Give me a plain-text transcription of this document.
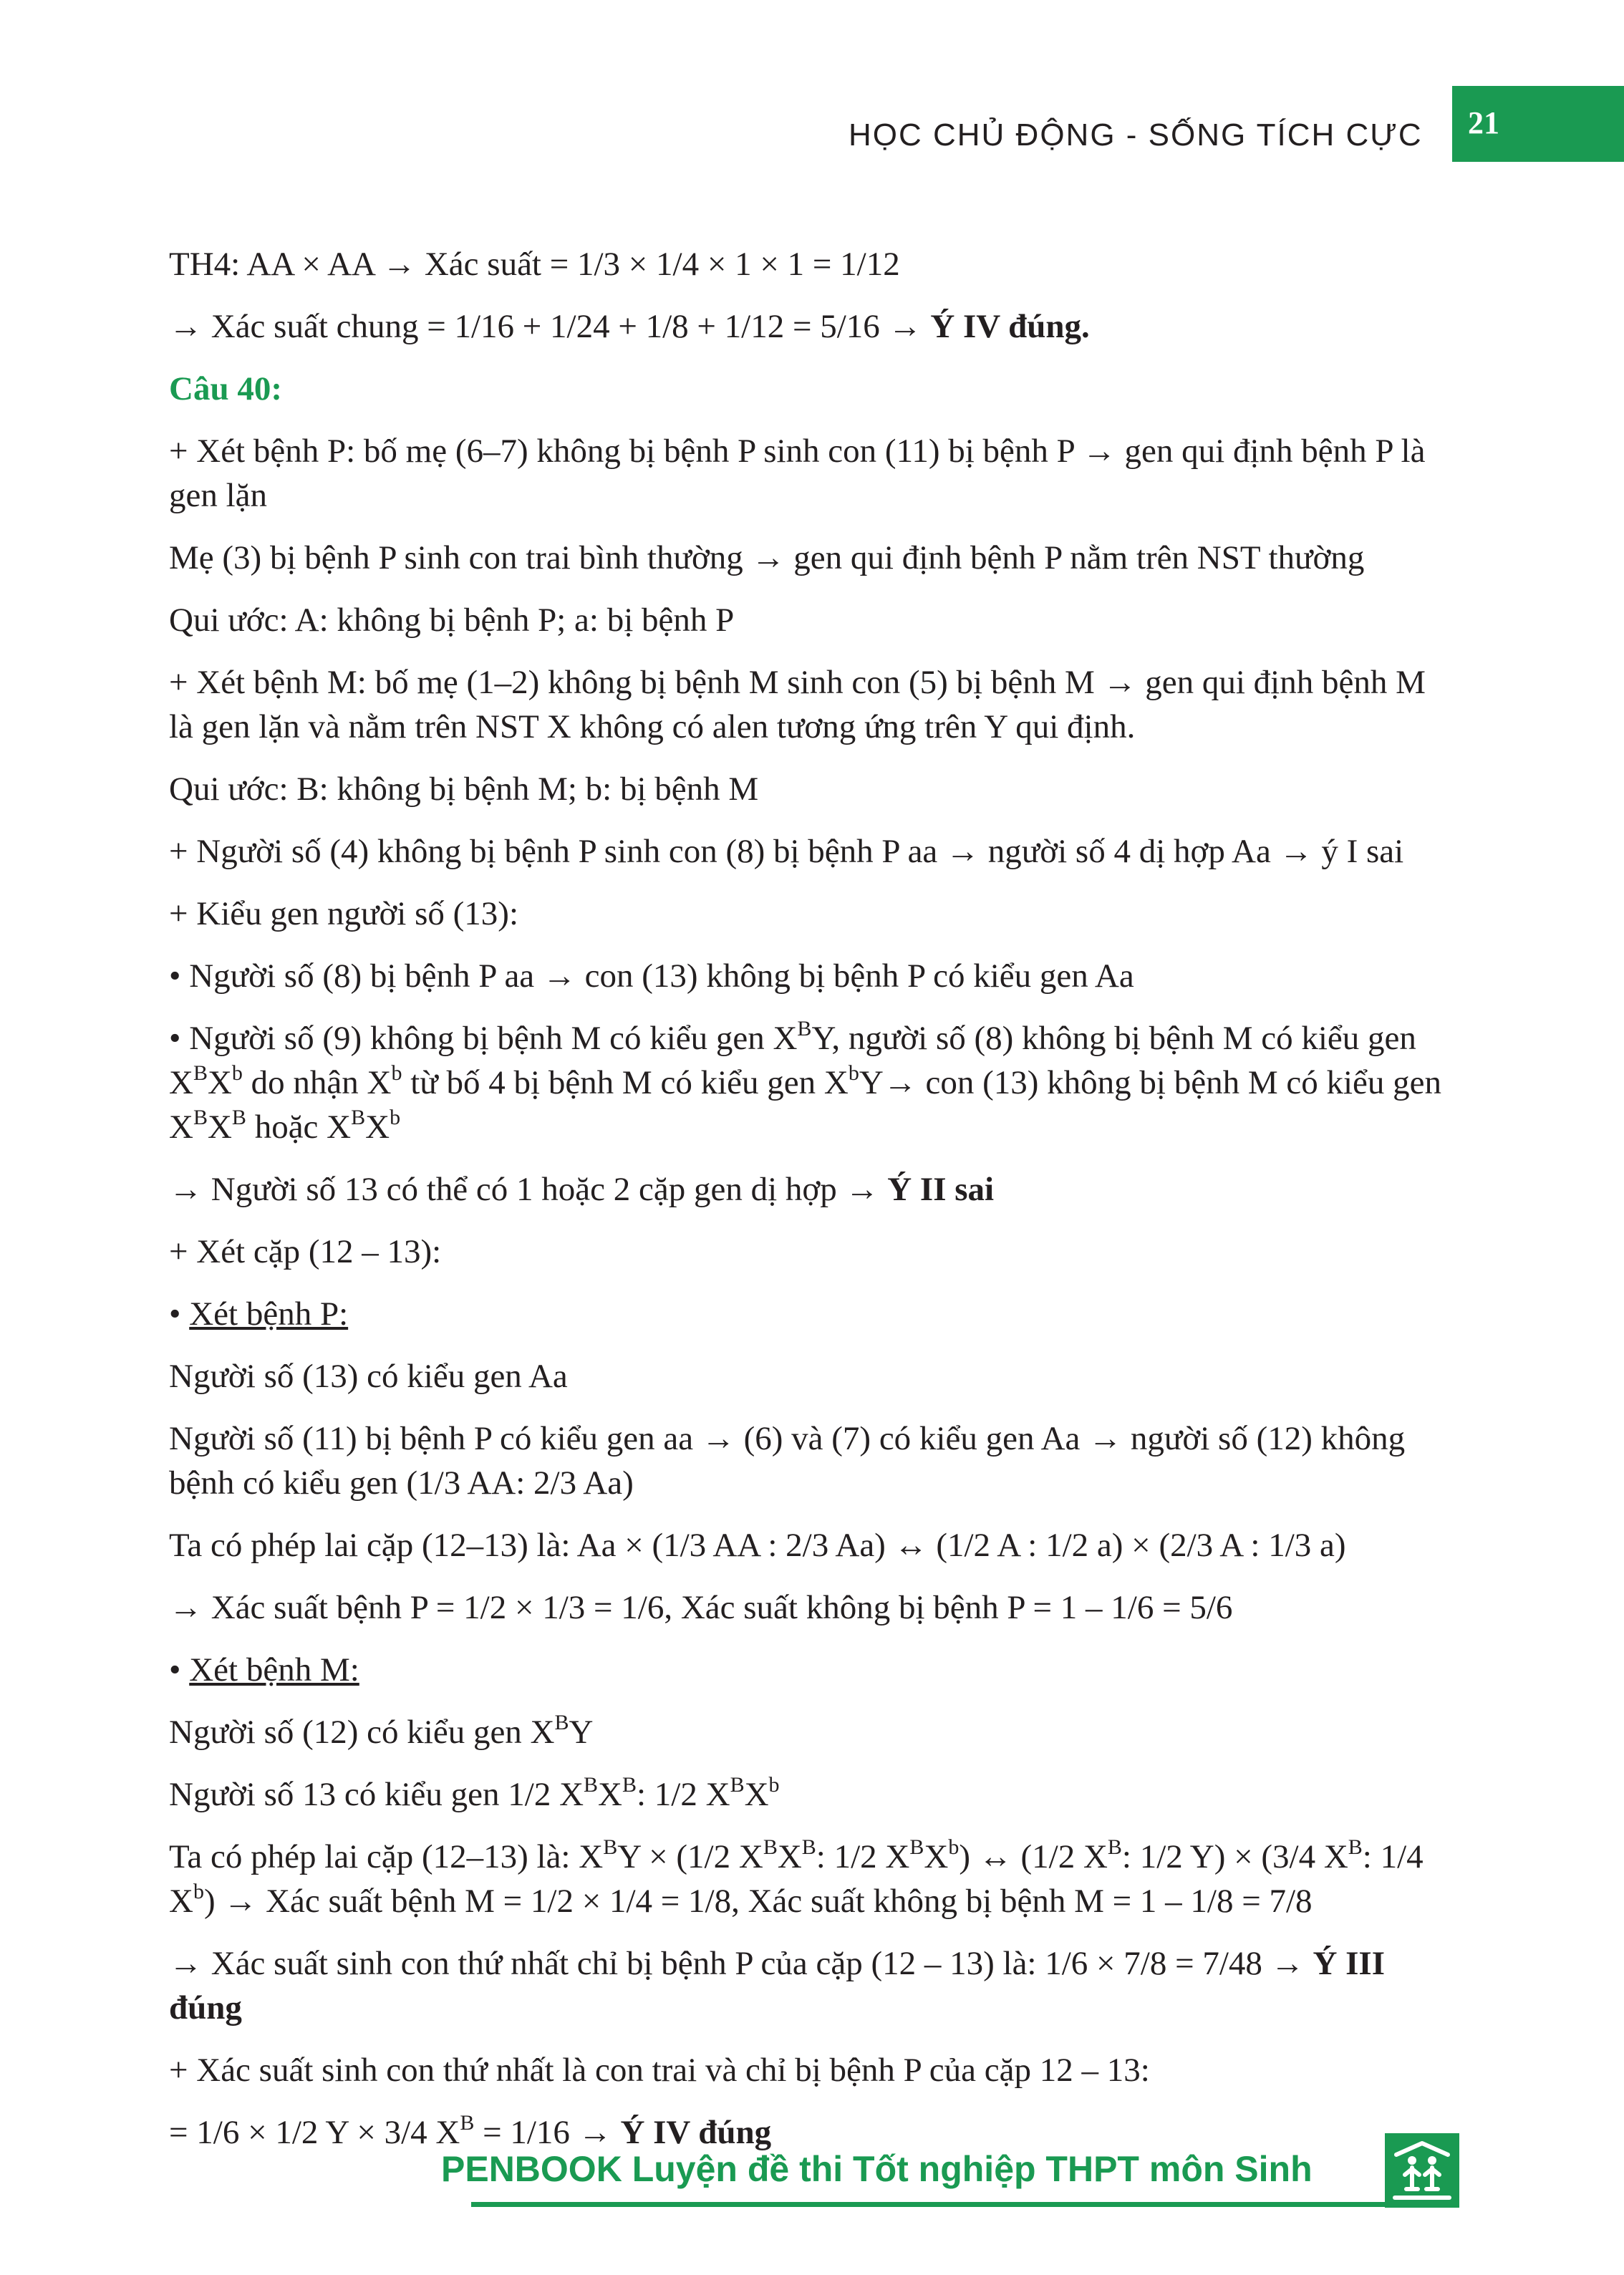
HỌC CHỦ ĐỘNG - SỐNG TÍCH CỰC 21

TH4: AA × AA → Xác suất = 1/3 × 1/4 × 1 × 1 = 1/12

→ Xác suất chung = 1/16 + 1/24 + 1/8 + 1/12 = 5/16 → Ý IV đúng.

Câu 40:

+ Xét bệnh P: bố mẹ (6–7) không bị bệnh P sinh con (11) bị bệnh P → gen qui định bệnh P là gen lặn

Mẹ (3) bị bệnh P sinh con trai bình thường → gen qui định bệnh P nằm trên NST thường

Qui ước: A: không bị bệnh P; a: bị bệnh P

+ Xét bệnh M: bố mẹ (1–2) không bị bệnh M sinh con (5) bị bệnh M → gen qui định bệnh M là gen lặn và nằm trên NST X không có alen tương ứng trên Y qui định.

Qui ước: B: không bị bệnh M; b: bị bệnh M

+ Người số (4) không bị bệnh P sinh con (8) bị bệnh P aa → người số 4 dị hợp Aa → ý I sai

+ Kiểu gen người số (13):

• Người số (8) bị bệnh P aa → con (13) không bị bệnh P có kiểu gen Aa

• Người số (9) không bị bệnh M có kiểu gen $X^BY$, người số (8) không bị bệnh M có kiểu gen $X^BX^b$ do nhận $X^b$ từ bố 4 bị bệnh M có kiểu gen $X^bY\to$ con (13) không bị bệnh M có kiểu gen $X^BX^B$ hoặc $X^BX^b$

→ Người số 13 có thể có 1 hoặc 2 cặp gen dị hợp → Ý II sai

+ Xét cặp (12 – 13):

• Xét bệnh P:

Người số (13) có kiểu gen Aa

Người số (11) bị bệnh P có kiểu gen aa → (6) và (7) có kiểu gen Aa → người số (12) không bệnh có kiểu gen (1/3 AA: 2/3 Aa)

Ta có phép lai cặp (12–13) là: Aa × (1/3 AA : 2/3 Aa) ↔ (1/2 A : 1/2 a) × (2/3 A : 1/3 a)

→ Xác suất bệnh P = 1/2 × 1/3 = 1/6, Xác suất không bị bệnh P = 1 – 1/6 = 5/6

• Xét bệnh M:

Người số (12) có kiểu gen $X^BY$

Người số 13 có kiểu gen 1/2 $X^BX^B$: 1/2 $X^BX^b$

Ta có phép lai cặp (12–13) là: $X^BY \times (1/2$ $X^BX^B$: 1/2 $X^BX^b$) ↔ (1/2 $X^B$: 1/2 Y) × (3/4 $X^B$: 1/4 $X^b$) → Xác suất bệnh M = 1/2 × 1/4 = 1/8, Xác suất không bị bệnh M = 1 – 1/8 = 7/8

→ Xác suất sinh con thứ nhất chỉ bị bệnh P của cặp (12 – 13) là: 1/6 × 7/8 = 7/48 → Ý III đúng

+ Xác suất sinh con thứ nhất là con trai và chỉ bị bệnh P của cặp 12 – 13:

= 1/6 × 1/2 Y × 3/4 $X^B = 1/16$ → Ý IV đúng

PENBOOK Luyện đề thi Tốt nghiệp THPT môn Sinh
